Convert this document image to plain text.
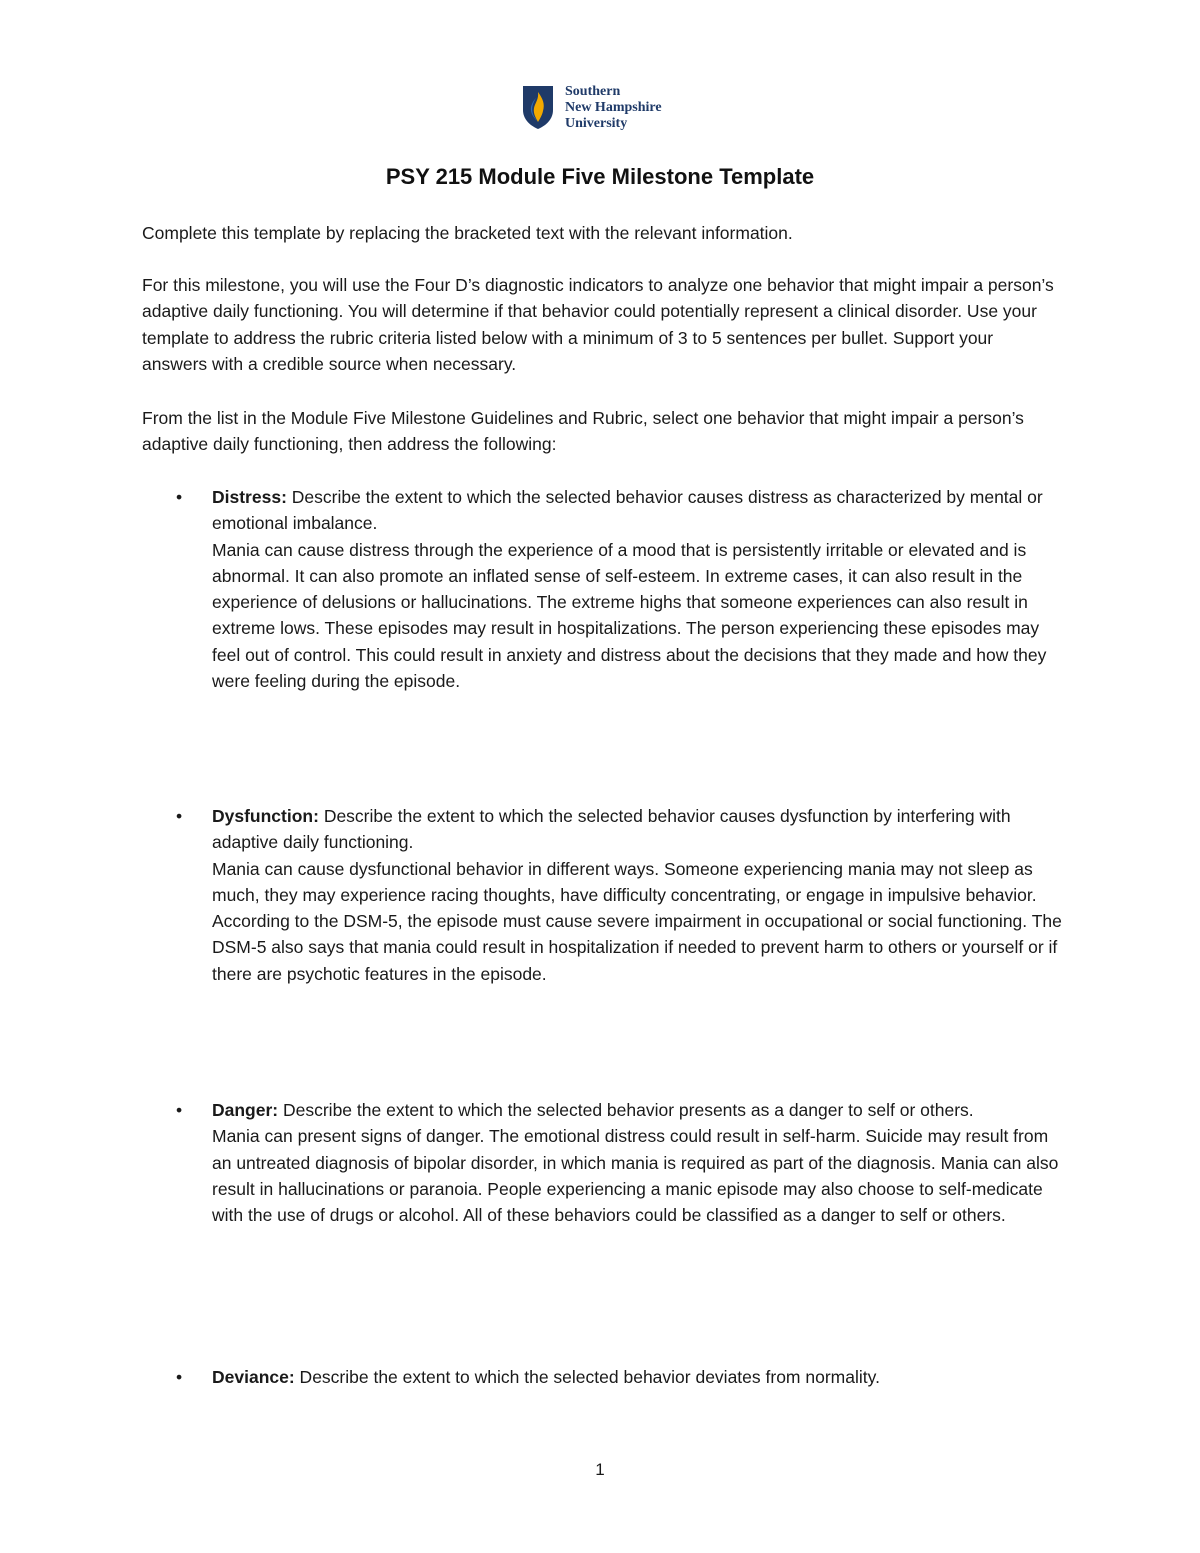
Southern
New Hampshire
University
PSY 215 Module Five Milestone Template

Complete this template by replacing the bracketed text with the relevant information.

For this milestone, you will use the Four D’s diagnostic indicators to analyze one behavior that might impair a person’s adaptive daily functioning. You will determine if that behavior could potentially represent a clinical disorder. Use your template to address the rubric criteria listed below with a minimum of 3 to 5 sentences per bullet. Support your answers with a credible source when necessary.

From the list in the Module Five Milestone Guidelines and Rubric, select one behavior that might impair a person’s adaptive daily functioning, then address the following:

• Distress: Describe the extent to which the selected behavior causes distress as characterized by mental or emotional imbalance.
Mania can cause distress through the experience of a mood that is persistently irritable or elevated and is abnormal. It can also promote an inflated sense of self-esteem. In extreme cases, it can also result in the experience of delusions or hallucinations. The extreme highs that someone experiences can also result in extreme lows. These episodes may result in hospitalizations. The person experiencing these episodes may feel out of control. This could result in anxiety and distress about the decisions that they made and how they were feeling during the episode.
• Dysfunction: Describe the extent to which the selected behavior causes dysfunction by interfering with adaptive daily functioning.
Mania can cause dysfunctional behavior in different ways. Someone experiencing mania may not sleep as much, they may experience racing thoughts, have difficulty concentrating, or engage in impulsive behavior. According to the DSM-5, the episode must cause severe impairment in occupational or social functioning. The DSM-5 also says that mania could result in hospitalization if needed to prevent harm to others or yourself or if there are psychotic features in the episode.
• Danger: Describe the extent to which the selected behavior presents as a danger to self or others.
Mania can present signs of danger. The emotional distress could result in self-harm. Suicide may result from an untreated diagnosis of bipolar disorder, in which mania is required as part of the diagnosis. Mania can also result in hallucinations or paranoia. People experiencing a manic episode may also choose to self-medicate with the use of drugs or alcohol. All of these behaviors could be classified as a danger to self or others.
• Deviance: Describe the extent to which the selected behavior deviates from normality.
1
